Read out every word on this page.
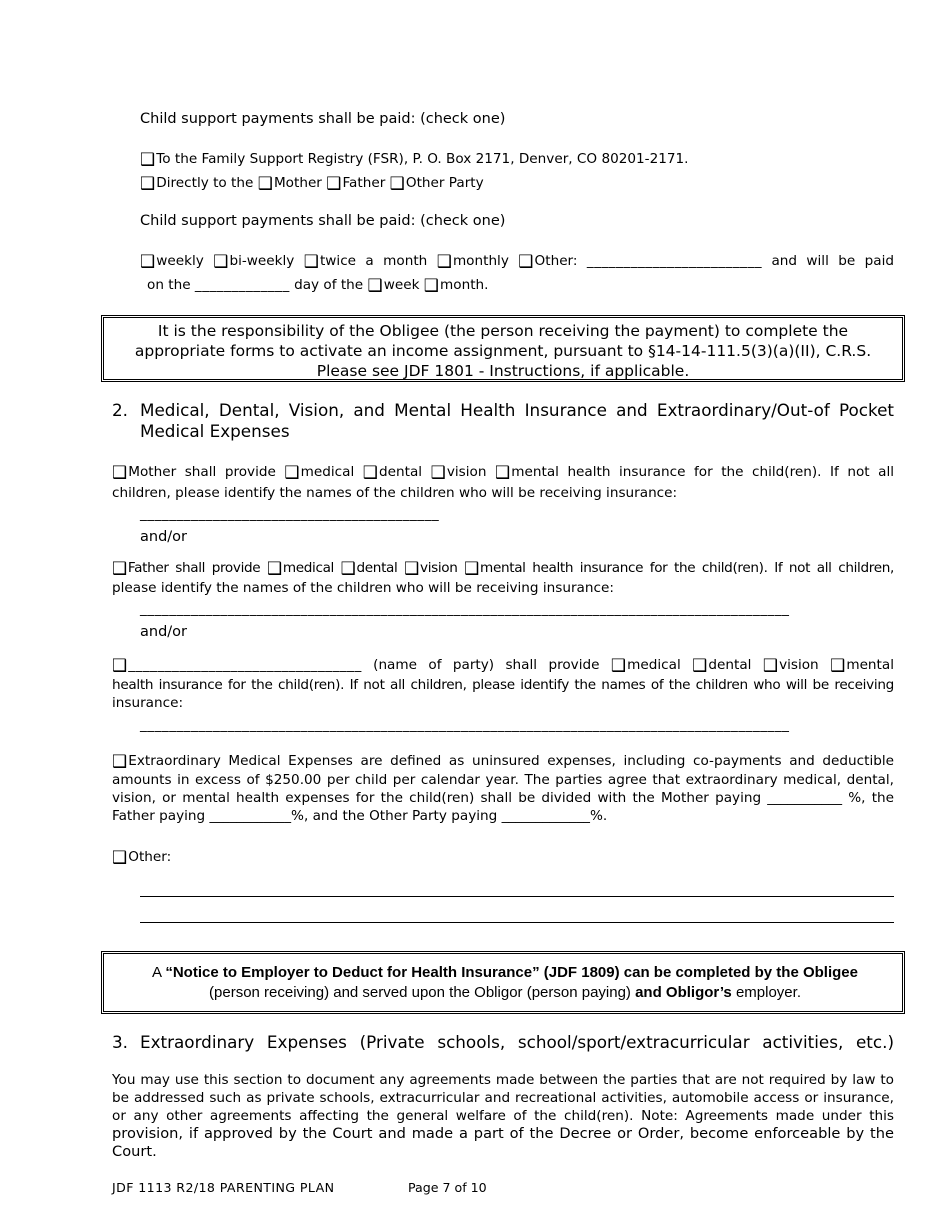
Child support payments shall be paid: (check one)
❑To the Family Support Registry (FSR), P. O. Box 2171, Denver, CO 80201-2171.
❑Directly to the ❑Mother ❑Father ❑Other Party
Child support payments shall be paid: (check one)
❑weekly ❑bi-weekly ❑twice a month ❑monthly ❑Other: ________________________ and will be paid
on the _____________ day of the ❑week ❑month.
It is the responsibility of the Obligee (the person receiving the payment) to complete the
appropriate forms to activate an income assignment, pursuant to §14-14-111.5(3)(a)(II), C.R.S.
Please see JDF 1801 - Instructions, if applicable.
2. Medical, Dental, Vision, and Mental Health Insurance and Extraordinary/Out-of Pocket
Medical Expenses
❑Mother shall provide ❑medical ❑dental ❑vision ❑mental health insurance for the child(ren). If not all
children, please identify the names of the children who will be receiving insurance:
_________________________________________
and/or
❑Father shall provide ❑medical ❑dental ❑vision ❑mental health insurance for the child(ren). If not all children,
please identify the names of the children who will be receiving insurance:
_________________________________________________________________________________________
and/or
❑________________________________ (name of party) shall provide ❑medical ❑dental ❑vision ❑mental
health insurance for the child(ren). If not all children, please identify the names of the children who will be receiving
insurance:
_________________________________________________________________________________________
❑Extraordinary Medical Expenses are defined as uninsured expenses, including co-payments and deductible
amounts in excess of $250.00 per child per calendar year. The parties agree that extraordinary medical, dental,
vision, or mental health expenses for the child(ren) shall be divided with the Mother paying ___________ %, the
Father paying ____________%, and the Other Party paying _____________%.
❑Other:
A “Notice to Employer to Deduct for Health Insurance” (JDF 1809) can be completed by the Obligee
(person receiving) and served upon the Obligor (person paying) and Obligor’s employer.
3. Extraordinary Expenses (Private schools, school/sport/extracurricular activities, etc.)
You may use this section to document any agreements made between the parties that are not required by law to
be addressed such as private schools, extracurricular and recreational activities, automobile access or insurance,
or any other agreements affecting the general welfare of the child(ren). Note: Agreements made under this
provision, if approved by the Court and made a part of the Decree or Order, become enforceable by the
Court.
JDF 1113 R2/18 PARENTING PLAN	Page 7 of 10
